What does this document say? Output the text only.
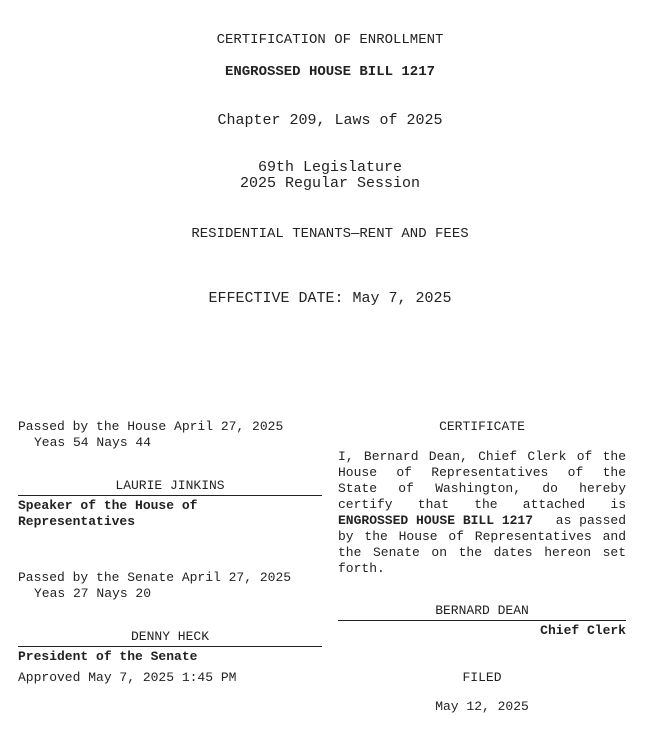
CERTIFICATION OF ENROLLMENT
ENGROSSED HOUSE BILL 1217
Chapter 209, Laws of 2025
69th Legislature
2025 Regular Session
RESIDENTIAL TENANTS—RENT AND FEES
EFFECTIVE DATE: May 7, 2025
Passed by the House April 27, 2025
Yeas 54 Nays 44
LAURIE JINKINS
Speaker of the House of
Representatives
Passed by the Senate April 27, 2025
Yeas 27 Nays 20
DENNY HECK
President of the Senate
Approved May 7, 2025 1:45 PM
CERTIFICATE
I, Bernard Dean, Chief Clerk of the
House of Representatives of the
State of Washington, do hereby
certify that the attached is
ENGROSSED HOUSE BILL 1217 as passed
by the House of Representatives and
the Senate on the dates hereon set
forth.
BERNARD DEAN
Chief Clerk
FILED
May 12, 2025
